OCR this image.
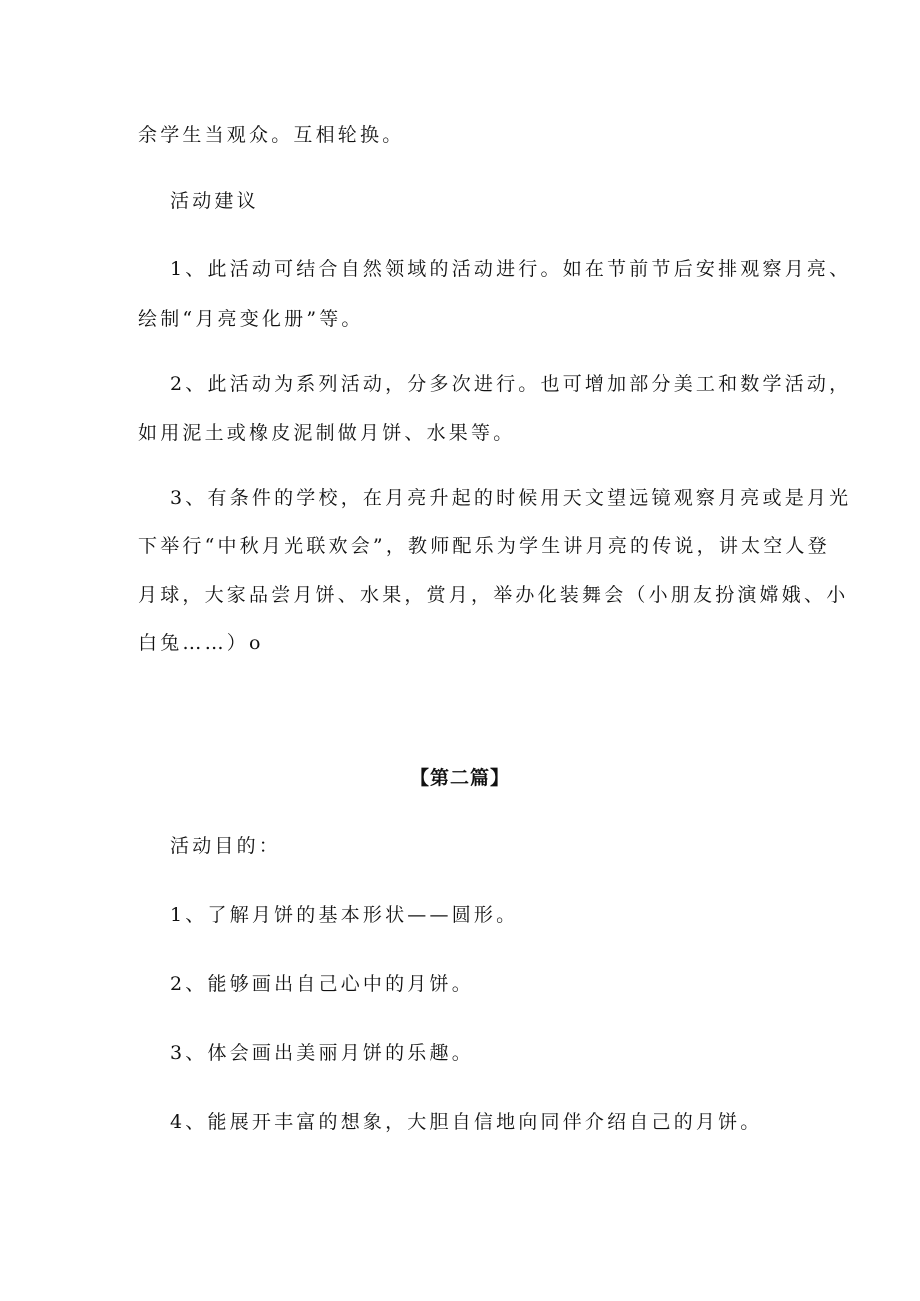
余学生当观众。互相轮换。
活动建议
1、此活动可结合自然领域的活动进行。如在节前节后安排观察月亮、
绘制“月亮变化册”等。
2、此活动为系列活动，分多次进行。也可增加部分美工和数学活动，
如用泥土或橡皮泥制做月饼、水果等。
3、有条件的学校，在月亮升起的时候用天文望远镜观察月亮或是月光
下举行“中秋月光联欢会”，教师配乐为学生讲月亮的传说，讲太空人登
月球，大家品尝月饼、水果，赏月，举办化装舞会（小朋友扮演嫦娥、小
白兔……）o
【第二篇】
活动目的：
1、了解月饼的基本形状——圆形。
2、能够画出自己心中的月饼。
3、体会画出美丽月饼的乐趣。
4、能展开丰富的想象，大胆自信地向同伴介绍自己的月饼。
